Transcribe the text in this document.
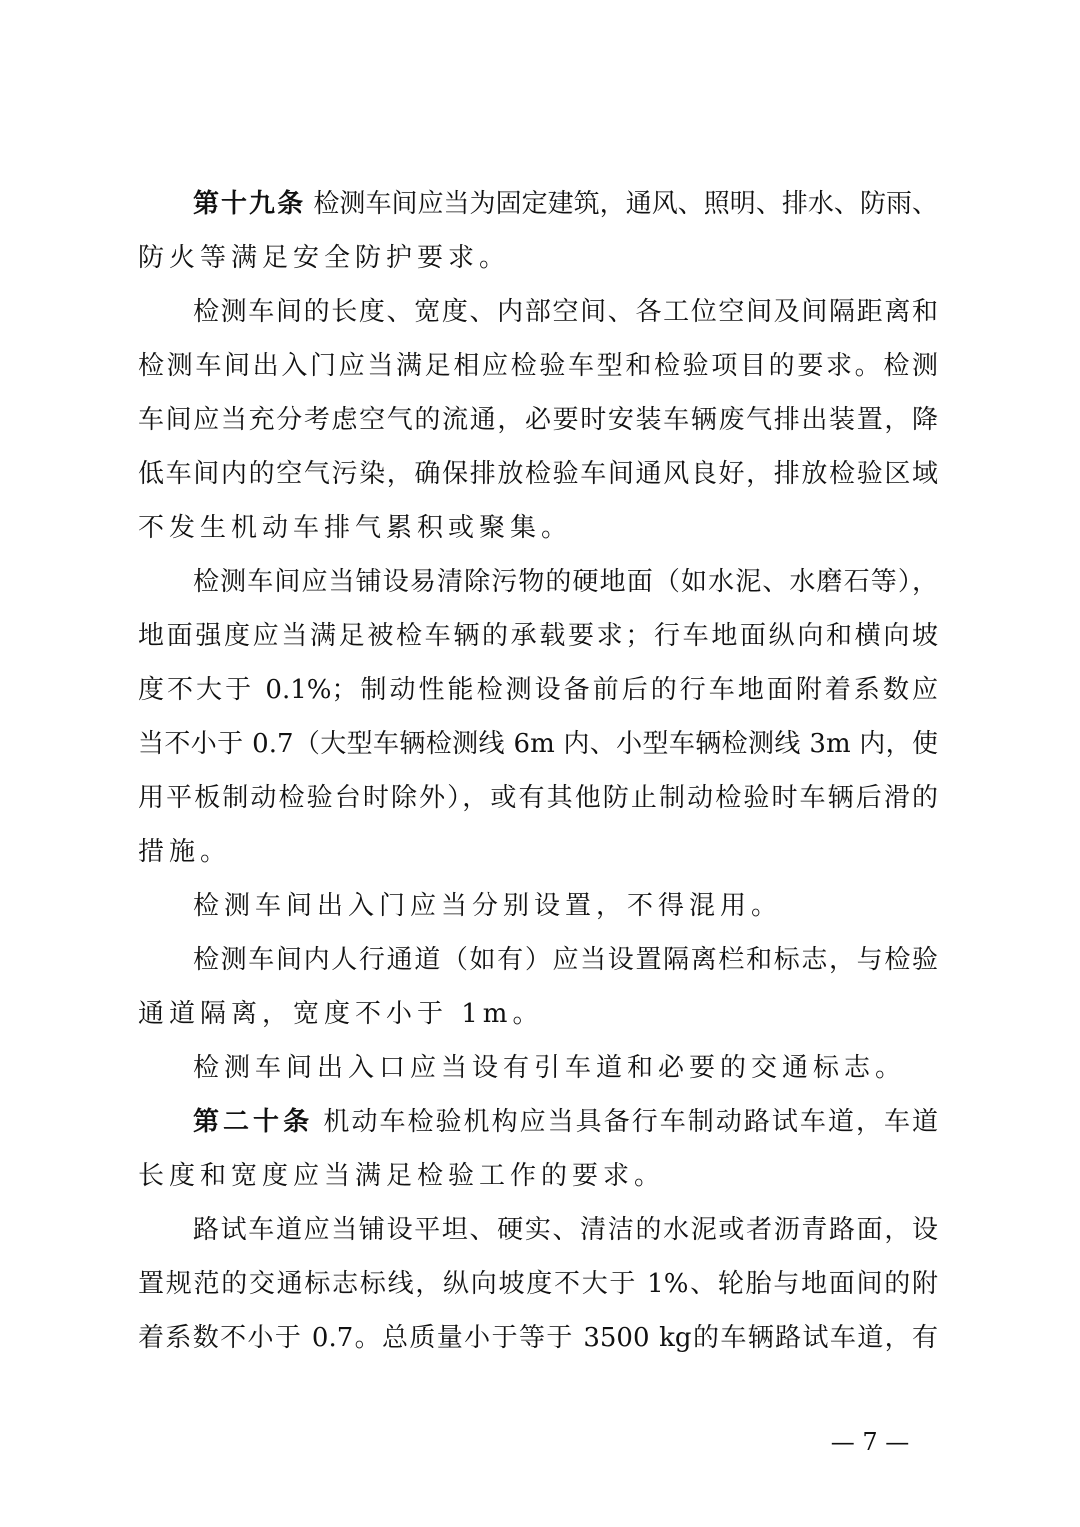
第十九条 检测车间应当为固定建筑，通风、照明、排水、防雨、
防火等满足安全防护要求。
检测车间的长度、宽度、内部空间、各工位空间及间隔距离和
检测车间出入门应当满足相应检验车型和检验项目的要求。检测
车间应当充分考虑空气的流通，必要时安装车辆废气排出装置，降
低车间内的空气污染，确保排放检验车间通风良好，排放检验区域
不发生机动车排气累积或聚集。
检测车间应当铺设易清除污物的硬地面（如水泥、水磨石等），
地面强度应当满足被检车辆的承载要求；行车地面纵向和横向坡
度不大于 0.1%；制动性能检测设备前后的行车地面附着系数应
当不小于 0.7（大型车辆检测线 6m 内、小型车辆检测线 3m 内，使
用平板制动检验台时除外），或有其他防止制动检验时车辆后滑的
措施。
检测车间出入门应当分别设置，不得混用。
检测车间内人行通道（如有）应当设置隔离栏和标志，与检验
通道隔离，宽度不小于 1m。
检测车间出入口应当设有引车道和必要的交通标志。
第二十条 机动车检验机构应当具备行车制动路试车道，车道
长度和宽度应当满足检验工作的要求。
路试车道应当铺设平坦、硬实、清洁的水泥或者沥青路面，设
置规范的交通标志标线，纵向坡度不大于 1%、轮胎与地面间的附
着系数不小于 0.7。总质量小于等于 3500 kg的车辆路试车道，有
— 7 —
